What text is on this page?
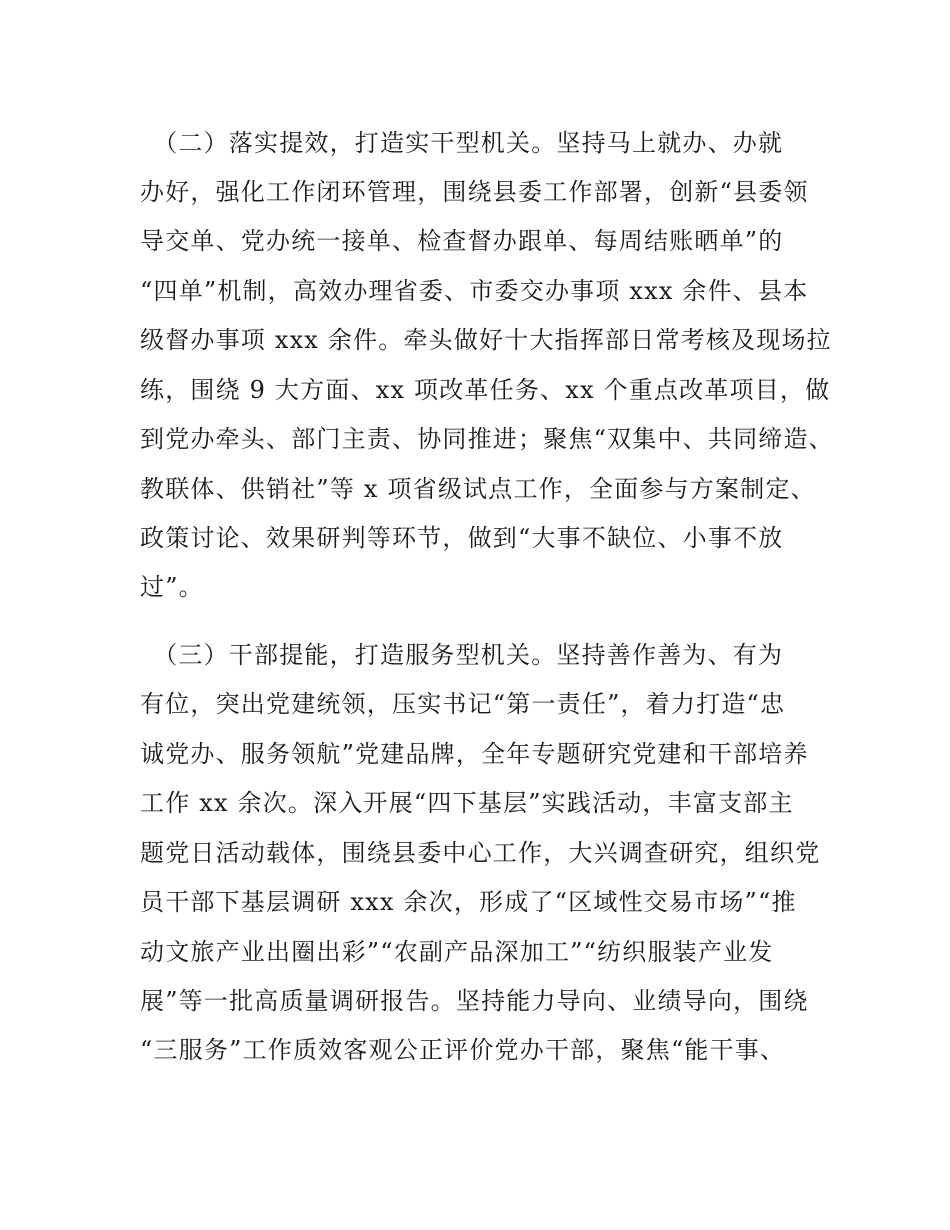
　（二）落实提效，打造实干型机关。坚持马上就办、办就
办好，强化工作闭环管理，围绕县委工作部署，创新“县委领
导交单、党办统一接单、检查督办跟单、每周结账晒单”的
“四单”机制，高效办理省委、市委交办事项 xxx 余件、县本
级督办事项 xxx 余件。牵头做好十大指挥部日常考核及现场拉
练，围绕 9 大方面、xx 项改革任务、xx 个重点改革项目，做
到党办牵头、部门主责、协同推进；聚焦“双集中、共同缔造、
教联体、供销社”等 x 项省级试点工作，全面参与方案制定、
政策讨论、效果研判等环节，做到“大事不缺位、小事不放
过”。
　（三）干部提能，打造服务型机关。坚持善作善为、有为
有位，突出党建统领，压实书记“第一责任”，着力打造“忠
诚党办、服务领航”党建品牌，全年专题研究党建和干部培养
工作 xx 余次。深入开展“四下基层”实践活动，丰富支部主
题党日活动载体，围绕县委中心工作，大兴调查研究，组织党
员干部下基层调研 xxx 余次，形成了“区域性交易市场”“推
动文旅产业出圈出彩”“农副产品深加工”“纺织服装产业发
展”等一批高质量调研报告。坚持能力导向、业绩导向，围绕
“三服务”工作质效客观公正评价党办干部，聚焦“能干事、
